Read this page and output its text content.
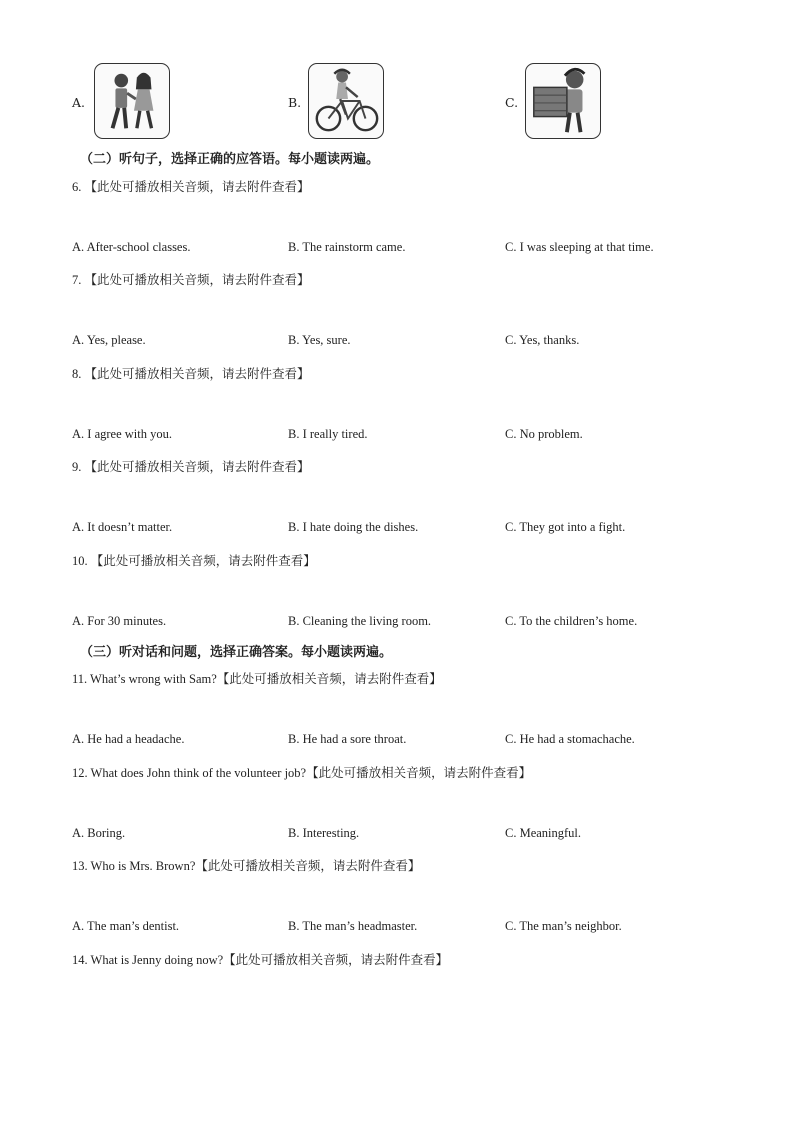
A.	B.	C.
（二）听句子，选择正确的应答语。每小题读两遍。
6. 【此处可播放相关音频，请去附件查看】
A. After-school classes.	B. The rainstorm came.	C. I was sleeping at that time.
7. 【此处可播放相关音频，请去附件查看】
A. Yes, please.	B. Yes, sure.	C. Yes, thanks.
8. 【此处可播放相关音频，请去附件查看】
A. I agree with you.	B. I really tired.	C. No problem.
9. 【此处可播放相关音频，请去附件查看】
A. It doesn’t matter.	B. I hate doing the dishes.	C. They got into a fight.
10. 【此处可播放相关音频，请去附件查看】
A. For 30 minutes.	B. Cleaning the living room.	C. To the children’s home.
（三）听对话和问题，选择正确答案。每小题读两遍。
11. What’s wrong with Sam?【此处可播放相关音频，请去附件查看】
A. He had a headache.	B. He had a sore throat.	C. He had a stomachache.
12. What does John think of the volunteer job?【此处可播放相关音频，请去附件查看】
A. Boring.	B. Interesting.	C. Meaningful.
13. Who is Mrs. Brown?【此处可播放相关音频，请去附件查看】
A. The man’s dentist.	B. The man’s headmaster.	C. The man’s neighbor.
14. What is Jenny doing now?【此处可播放相关音频，请去附件查看】
